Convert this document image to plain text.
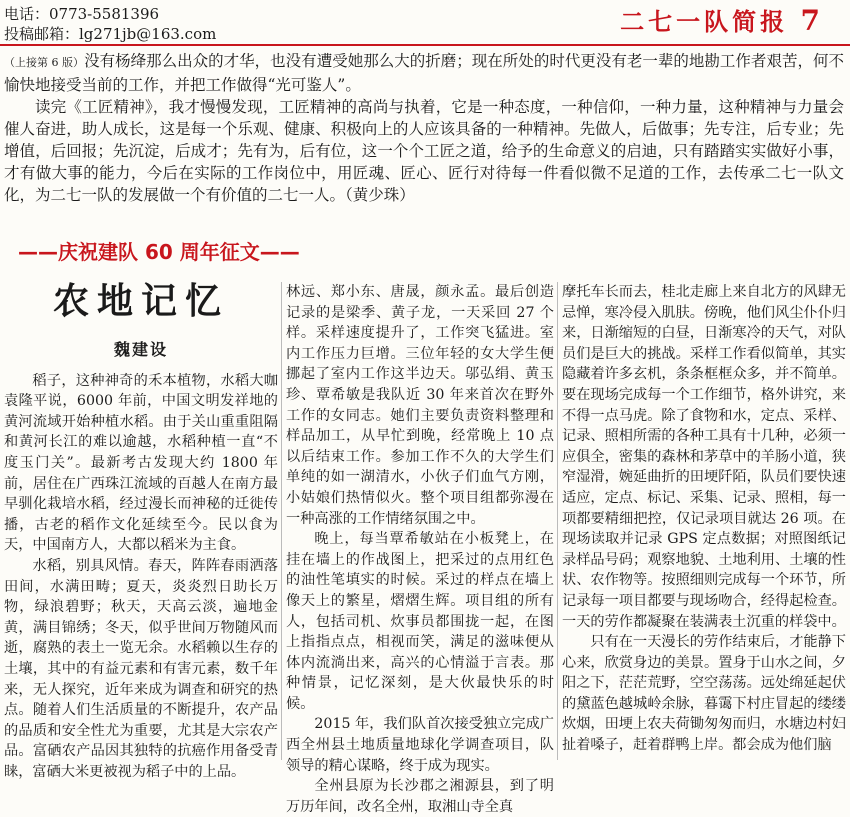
电话：0773-5581396
投稿邮箱：lg271jb@163.com	二七一队简报 7

（上接第 6 版）没有杨绛那么出众的才华，也没有遭受她那么大的折磨；现在所处的时代更没有老一辈的地勘工作者艰苦，何不愉快地接受当前的工作，并把工作做得“光可鉴人”。

读完《工匠精神》，我才慢慢发现，工匠精神的高尚与执着，它是一种态度，一种信仰，一种力量，这种精神与力量会催人奋进，助人成长，这是每一个乐观、健康、积极向上的人应该具备的一种精神。先做人，后做事；先专注，后专业；先增值，后回报；先沉淀，后成才；先有为，后有位，这一个个工匠之道，给予的生命意义的启迪，只有踏踏实实做好小事，才有做大事的能力，今后在实际的工作岗位中，用匠魂、匠心、匠行对待每一件看似微不足道的工作，去传承二七一队文化，为二七一队的发展做一个有价值的二七一人。（黄少珠）

——庆祝建队 60 周年征文——
农地记忆
魏建设

稻子，这种神奇的禾本植物，水稻大咖袁隆平说，6000 年前，中国文明发祥地的黄河流域开始种植水稻。由于关山重重阻隔和黄河长江的难以逾越，水稻种植一直“不度玉门关”。最新考古发现大约 1800 年前，居住在广西珠江流域的百越人在南方最早驯化栽培水稻，经过漫长而神秘的迁徙传播，古老的稻作文化延续至今。民以食为天，中国南方人，大都以稻米为主食。

水稻，别具风情。春天，阵阵春雨洒落田间，水满田畴；夏天，炎炎烈日助长万物，绿浪碧野；秋天，天高云淡，遍地金黄，满目锦绣；冬天，似乎世间万物随风而逝，腐熟的表土一览无余。水稻赖以生存的土壤，其中的有益元素和有害元素，数千年来，无人探究，近年来成为调查和研究的热点。随着人们生活质量的不断提升，农产品的品质和安全性尤为重要，尤其是大宗农产品。富硒农产品因其独特的抗癌作用备受青睐，富硒大米更被视为稻子中的上品。

林远、郑小东、唐晟，颜永孟。最后创造记录的是梁季、黄子龙，一天采回 27 个样。采样速度提升了，工作突飞猛进。室内工作压力巨增。三位年轻的女大学生便挪起了室内工作这半边天。邬弘绢、黄玉珍、覃希敏是我队近 30 年来首次在野外工作的女同志。她们主要负责资料整理和样品加工，从早忙到晚，经常晚上 10 点以后结束工作。参加工作不久的大学生们单纯的如一湖清水，小伙子们血气方刚，小姑娘们热情似火。整个项目组都弥漫在一种高涨的工作情绪氛围之中。

晚上，每当覃希敏站在小板凳上，在挂在墙上的作战图上，把采过的点用红色的油性笔填实的时候。采过的样点在墙上像天上的繁星，熠熠生辉。项目组的所有人，包括司机、炊事员都围拢一起，在图上指指点点，相视而笑，满足的滋味便从体内流淌出来，高兴的心情溢于言表。那种情景，记忆深刻，是大伙最快乐的时候。

2015 年，我们队首次接受独立完成广西全州县土地质量地球化学调查项目，队领导的精心谋略，终于成为现实。

全州县原为长沙郡之湘源县，到了明万历年间，改名全州，取湘山寺全真

摩托车长而去，桂北走廊上来自北方的风肆无忌惮，寒冷侵入肌肤。傍晚，他们风尘仆仆归来，日渐缩短的白昼，日渐寒冷的天气，对队员们是巨大的挑战。采样工作看似简单，其实隐藏着许多玄机，条条框框众多，并不简单。要在现场完成每一个工作细节，格外讲究，来不得一点马虎。除了食物和水，定点、采样、记录、照相所需的各种工具有十几种，必须一应俱全，密集的森林和茅草中的羊肠小道，狭窄湿滑，婉延曲折的田埂阡陌，队员们要快速适应，定点、标记、采集、记录、照相，每一项都要精细把控，仅记录项目就达 26 项。在现场读取并记录 GPS 定点数据；对照图纸记录样品号码；观察地貌、土地利用、土壤的性状、农作物等。按照细则完成每一个环节，所记录每一项目都要与现场吻合，经得起检查。一天的劳作都凝聚在装满表土沉重的样袋中。

只有在一天漫长的劳作结束后，才能静下心来，欣赏身边的美景。置身于山水之间，夕阳之下，茫茫荒野，空空荡荡。远处绵延起伏的黛蓝色越城岭余脉，暮霭下村庄冒起的缕缕炊烟，田埂上农夫荷锄匆匆而归，水塘边村妇扯着嗓子，赶着群鸭上岸。都会成为他们脑
